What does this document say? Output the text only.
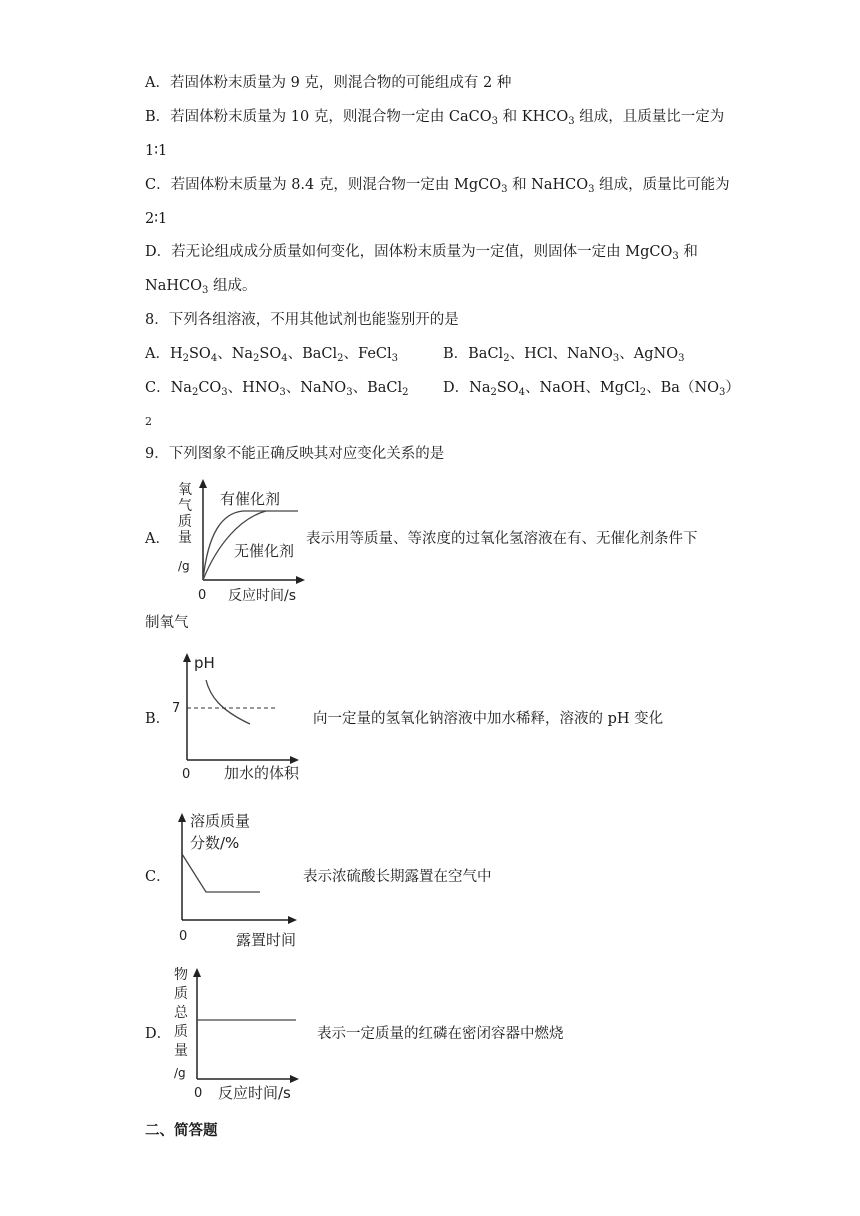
A．若固体粉末质量为 9 克，则混合物的可能组成有 2 种
B．若固体粉末质量为 10 克，则混合物一定由 CaCO$_3$ 和 $KHCO_3$ 组成，且质量比一定为
1∶1
C．若固体粉末质量为 8.4 克，则混合物一定由 MgCO$_3$ 和 NaHCO$_3$ 组成，质量比可能为
2∶1
D．若无论组成成分质量如何变化，固体粉末质量为一定值，则固体一定由 MgCO$_3$ 和
NaHCO$_3$ 组成。
8．下列各组溶液，不用其他试剂也能鉴别开的是
A．$H_2SO_4$、$Na_2SO_4$、BaCl$_2$、FeCl$_3$	B．BaCl$_2$、HCl、NaNO$_3$、AgNO$_3$
C．$Na_2CO_3$、$HNO_3$、NaNO$_3$、BaCl$_2$ D．$Na_2SO_4$、NaOH、MgCl$_2$、$Ba(NO_3)$
2
9．下列图象不能正确反映其对应变化关系的是
A．
氧
气
质
量
/g
有催化剂
无催化剂
0 反应时间/s
表示用等质量、等浓度的过氧化氢溶液在有、无催化剂条件下
制氧气
B．
pH
7
0 加水的体积
向一定量的氢氧化钠溶液中加水稀释，溶液的 pH 变化
C．
溶质质量
分数/%
0	露置时间
表示浓硫酸长期露置在空气中
D．
物
质
总
质
量
/g
0 反应时间/s
表示一定质量的红磷在密闭容器中燃烧
二、简答题
